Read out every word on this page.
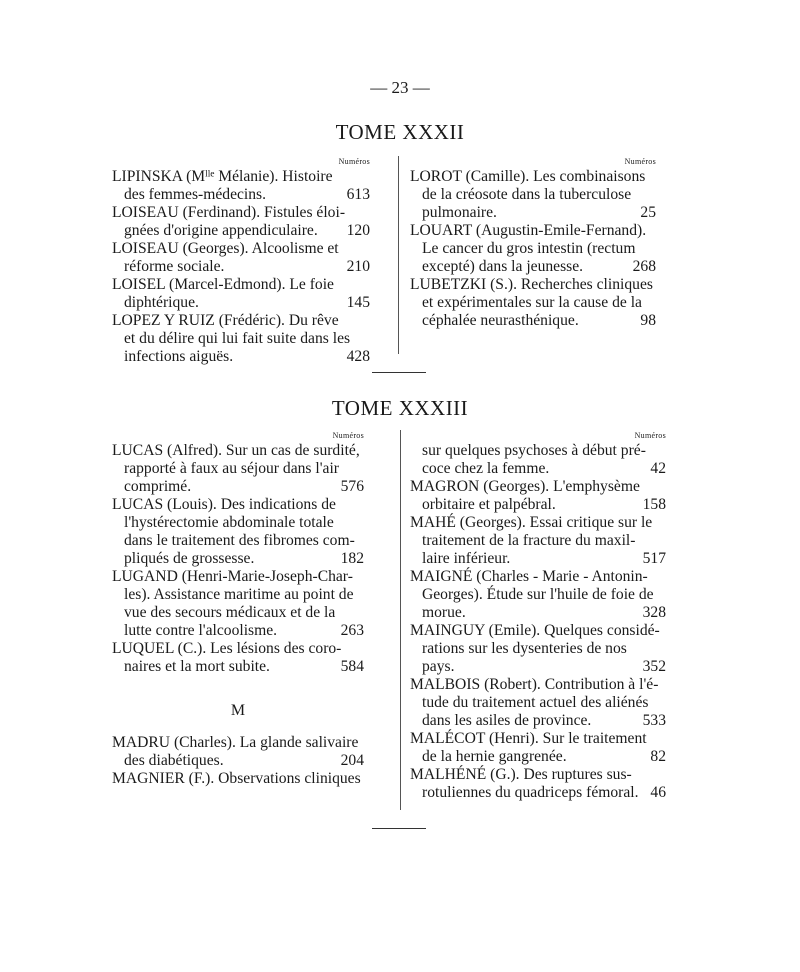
— 23 —
TOME XXXII
Numéros
LIPINSKA (Mˡˡᵉ Mélanie). Histoire
des femmes-médecins.	613
LOISEAU (Ferdinand). Fistules éloi-
gnées d'origine appendiculaire.	120
LOISEAU (Georges). Alcoolisme et
réforme sociale.	210
LOISEL (Marcel-Edmond). Le foie
diphtérique.	145
LOPEZ Y RUIZ (Frédéric). Du rêve
et du délire qui lui fait suite dans les
infections aiguës.	428
Numéros
LOROT (Camille). Les combinaisons
de la créosote dans la tuberculose
pulmonaire.	25
LOUART (Augustin-Emile-Fernand).
Le cancer du gros intestin (rectum
excepté) dans la jeunesse.	268
LUBETZKI (S.). Recherches cliniques
et expérimentales sur la cause de la
céphalée neurasthénique.	98
TOME XXXIII
Numéros
LUCAS (Alfred). Sur un cas de surdité,
rapporté à faux au séjour dans l'air
comprimé.	576
LUCAS (Louis). Des indications de
l'hystérectomie abdominale totale
dans le traitement des fibromes com-
pliqués de grossesse.	182
LUGAND (Henri-Marie-Joseph-Char-
les). Assistance maritime au point de
vue des secours médicaux et de la
lutte contre l'alcoolisme.	263
LUQUEL (C.). Les lésions des coro-
naires et la mort subite.	584
M
MADRU (Charles). La glande salivaire
des diabétiques.	204
MAGNIER (F.). Observations cliniques
Numéros
sur quelques psychoses à début pré-
coce chez la femme.	42
MAGRON (Georges). L'emphysème
orbitaire et palpébral.	158
MAHÉ (Georges). Essai critique sur le
traitement de la fracture du maxil-
laire inférieur.	517
MAIGNÉ (Charles - Marie - Antonin-
Georges). Étude sur l'huile de foie de
morue.	328
MAINGUY (Emile). Quelques considé-
rations sur les dysenteries de nos
pays.	352
MALBOIS (Robert). Contribution à l'é-
tude du traitement actuel des aliénés
dans les asiles de province.	533
MALÉCOT (Henri). Sur le traitement
de la hernie gangrenée.	82
MALHÉNÉ (G.). Des ruptures sus-
rotuliennes du quadriceps fémoral. 46
